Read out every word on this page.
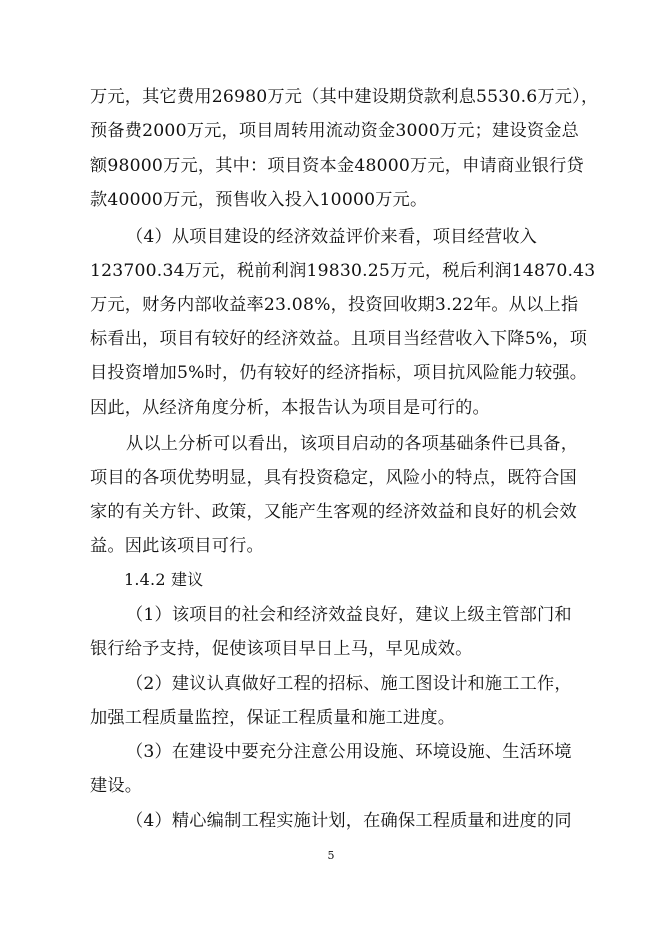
万元，其它费用26980万元（其中建设期贷款利息5530.6万元），
预备费2000万元，项目周转用流动资金3000万元；建设资金总
额98000万元，其中：项目资本金48000万元，申请商业银行贷
款40000万元，预售收入投入10000万元。
（4）从项目建设的经济效益评价来看，项目经营收入
123700.34万元，税前利润19830.25万元，税后利润14870.43
万元，财务内部收益率23.08%，投资回收期3.22年。从以上指
标看出，项目有较好的经济效益。且项目当经营收入下降5%，项
目投资增加5%时，仍有较好的经济指标，项目抗风险能力较强。
因此，从经济角度分析，本报告认为项目是可行的。
从以上分析可以看出，该项目启动的各项基础条件已具备，
项目的各项优势明显，具有投资稳定，风险小的特点，既符合国
家的有关方针、政策，又能产生客观的经济效益和良好的机会效
益。因此该项目可行。
1.4.2 建议
（1）该项目的社会和经济效益良好，建议上级主管部门和
银行给予支持，促使该项目早日上马，早见成效。
（2）建议认真做好工程的招标、施工图设计和施工工作，
加强工程质量监控，保证工程质量和施工进度。
（3）在建设中要充分注意公用设施、环境设施、生活环境
建设。
（4）精心编制工程实施计划，在确保工程质量和进度的同
5
